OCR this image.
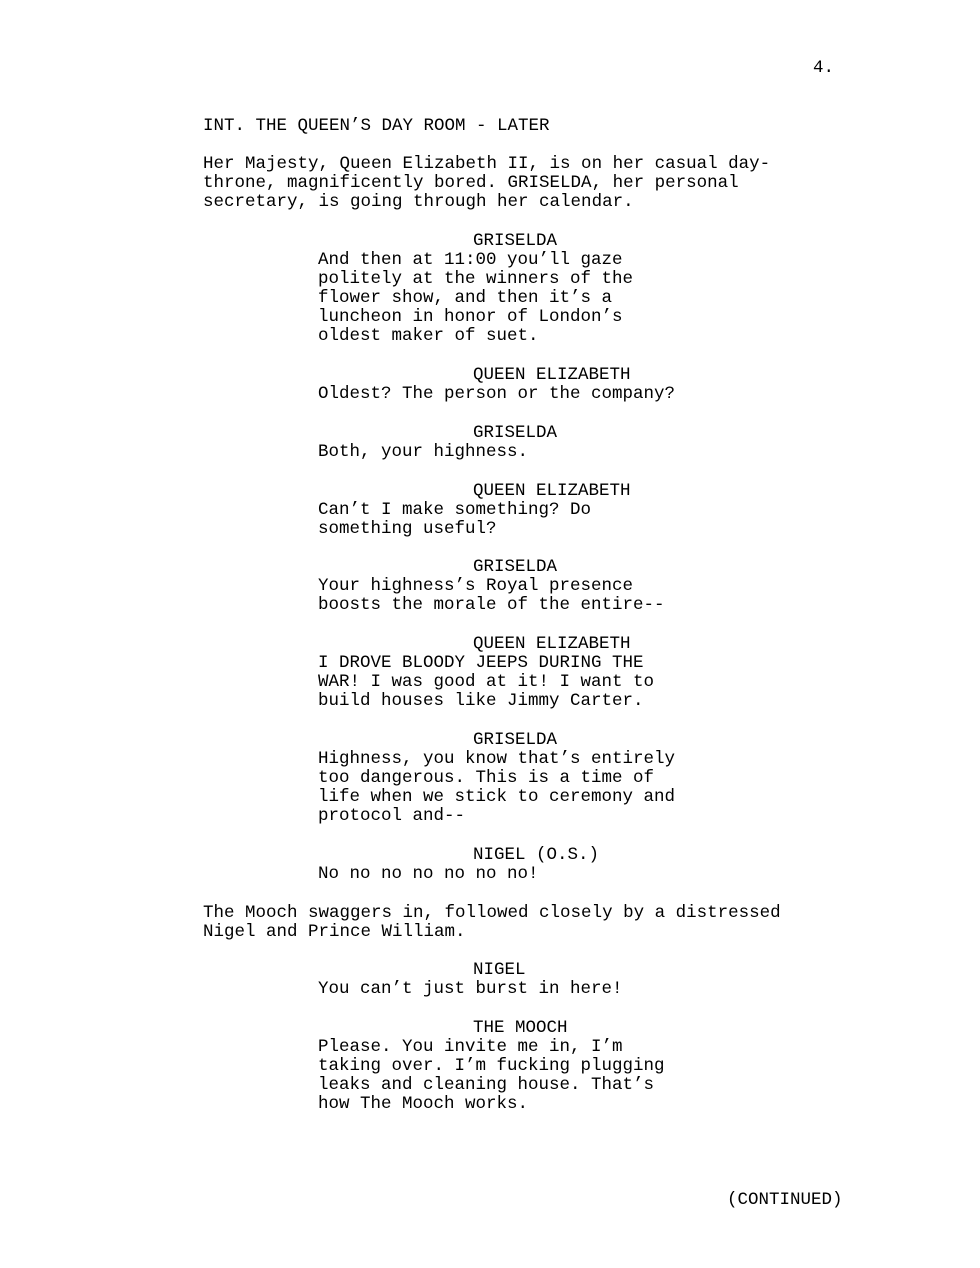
4.
INT. THE QUEEN’S DAY ROOM - LATER
Her Majesty, Queen Elizabeth II, is on her casual day-
throne, magnificently bored. GRISELDA, her personal
secretary, is going through her calendar.
GRISELDA
And then at 11:00 you’ll gaze
politely at the winners of the
flower show, and then it’s a
luncheon in honor of London’s
oldest maker of suet.
QUEEN ELIZABETH
Oldest? The person or the company?
GRISELDA
Both, your highness.
QUEEN ELIZABETH
Can’t I make something? Do
something useful?
GRISELDA
Your highness’s Royal presence
boosts the morale of the entire--
QUEEN ELIZABETH
I DROVE BLOODY JEEPS DURING THE
WAR! I was good at it! I want to
build houses like Jimmy Carter.
GRISELDA
Highness, you know that’s entirely
too dangerous. This is a time of
life when we stick to ceremony and
protocol and--
NIGEL (O.S.)
No no no no no no no!
The Mooch swaggers in, followed closely by a distressed
Nigel and Prince William.
NIGEL
You can’t just burst in here!
THE MOOCH
Please. You invite me in, I’m
taking over. I’m fucking plugging
leaks and cleaning house. That’s
how The Mooch works.
(CONTINUED)
